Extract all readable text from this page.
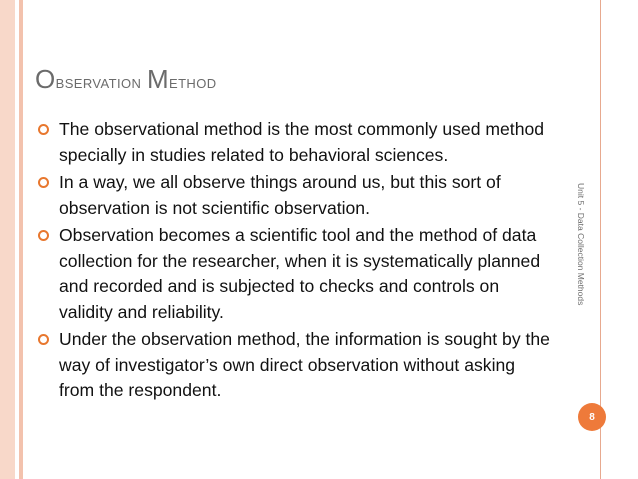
Observation Method
The observational method is the most commonly used method specially in studies related to behavioral sciences.
In a way, we all observe things around us, but this sort of observation is not scientific observation.
Observation becomes a scientific tool and the method of data collection for the researcher, when it is systematically planned and recorded and is subjected to checks and controls on validity and reliability.
Under the observation method, the information is sought by the way of investigator’s own direct observation without asking from the respondent.
Unit 5 - Data Collection Methods
8
